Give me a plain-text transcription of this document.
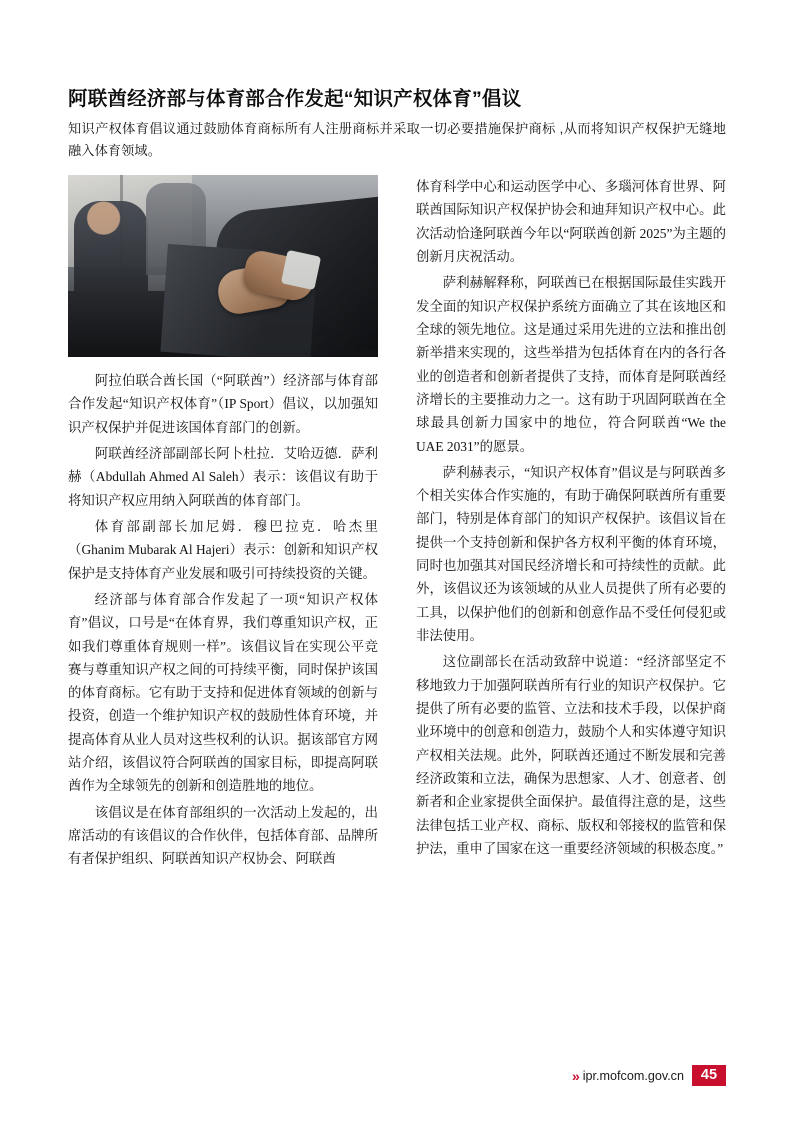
阿联酋经济部与体育部合作发起“知识产权体育”倡议
知识产权体育倡议通过鼓励体育商标所有人注册商标并采取一切必要措施保护商标 ,从而将知识产权保护无缝地融入体育领域。

阿拉伯联合酋长国（“阿联酋”）经济部与体育部合作发起“知识产权体育”（IP Sport）倡议，以加强知识产权保护并促进该国体育部门的创新。

阿联酋经济部副部长阿卜杜拉．艾哈迈德．萨利赫（Abdullah Ahmed Al Saleh）表示：该倡议有助于将知识产权应用纳入阿联酋的体育部门。

体育部副部长加尼姆．穆巴拉克．哈杰里（Ghanim Mubarak Al Hajeri）表示：创新和知识产权保护是支持体育产业发展和吸引可持续投资的关键。

经济部与体育部合作发起了一项“知识产权体育”倡议，口号是“在体育界，我们尊重知识产权，正如我们尊重体育规则一样”。该倡议旨在实现公平竞赛与尊重知识产权之间的可持续平衡，同时保护该国的体育商标。它有助于支持和促进体育领域的创新与投资，创造一个维护知识产权的鼓励性体育环境，并提高体育从业人员对这些权利的认识。据该部官方网站介绍，该倡议符合阿联酋的国家目标，即提高阿联酋作为全球领先的创新和创造胜地的地位。

该倡议是在体育部组织的一次活动上发起的，出席活动的有该倡议的合作伙伴，包括体育部、品牌所有者保护组织、阿联酋知识产权协会、阿联酋

体育科学中心和运动医学中心、多瑙河体育世界、阿联酋国际知识产权保护协会和迪拜知识产权中心。此次活动恰逢阿联酋今年以“阿联酋创新 2025”为主题的创新月庆祝活动。

萨利赫解释称，阿联酋已在根据国际最佳实践开发全面的知识产权保护系统方面确立了其在该地区和全球的领先地位。这是通过采用先进的立法和推出创新举措来实现的，这些举措为包括体育在内的各行各业的创造者和创新者提供了支持，而体育是阿联酋经济增长的主要推动力之一。这有助于巩固阿联酋在全球最具创新力国家中的地位，符合阿联酋“We the UAE 2031”的愿景。

萨利赫表示，“知识产权体育”倡议是与阿联酋多个相关实体合作实施的，有助于确保阿联酋所有重要部门，特别是体育部门的知识产权保护。该倡议旨在提供一个支持创新和保护各方权利平衡的体育环境，同时也加强其对国民经济增长和可持续性的贡献。此外，该倡议还为该领域的从业人员提供了所有必要的工具，以保护他们的创新和创意作品不受任何侵犯或非法使用。

这位副部长在活动致辞中说道：“经济部坚定不移地致力于加强阿联酋所有行业的知识产权保护。它提供了所有必要的监管、立法和技术手段，以保护商业环境中的创意和创造力，鼓励个人和实体遵守知识产权相关法规。此外，阿联酋还通过不断发展和完善经济政策和立法，确保为思想家、人才、创意者、创新者和企业家提供全面保护。最值得注意的是，这些法律包括工业产权、商标、版权和邻接权的监管和保护法，重申了国家在这一重要经济领域的积极态度。”

» ipr.mofcom.gov.cn	45
